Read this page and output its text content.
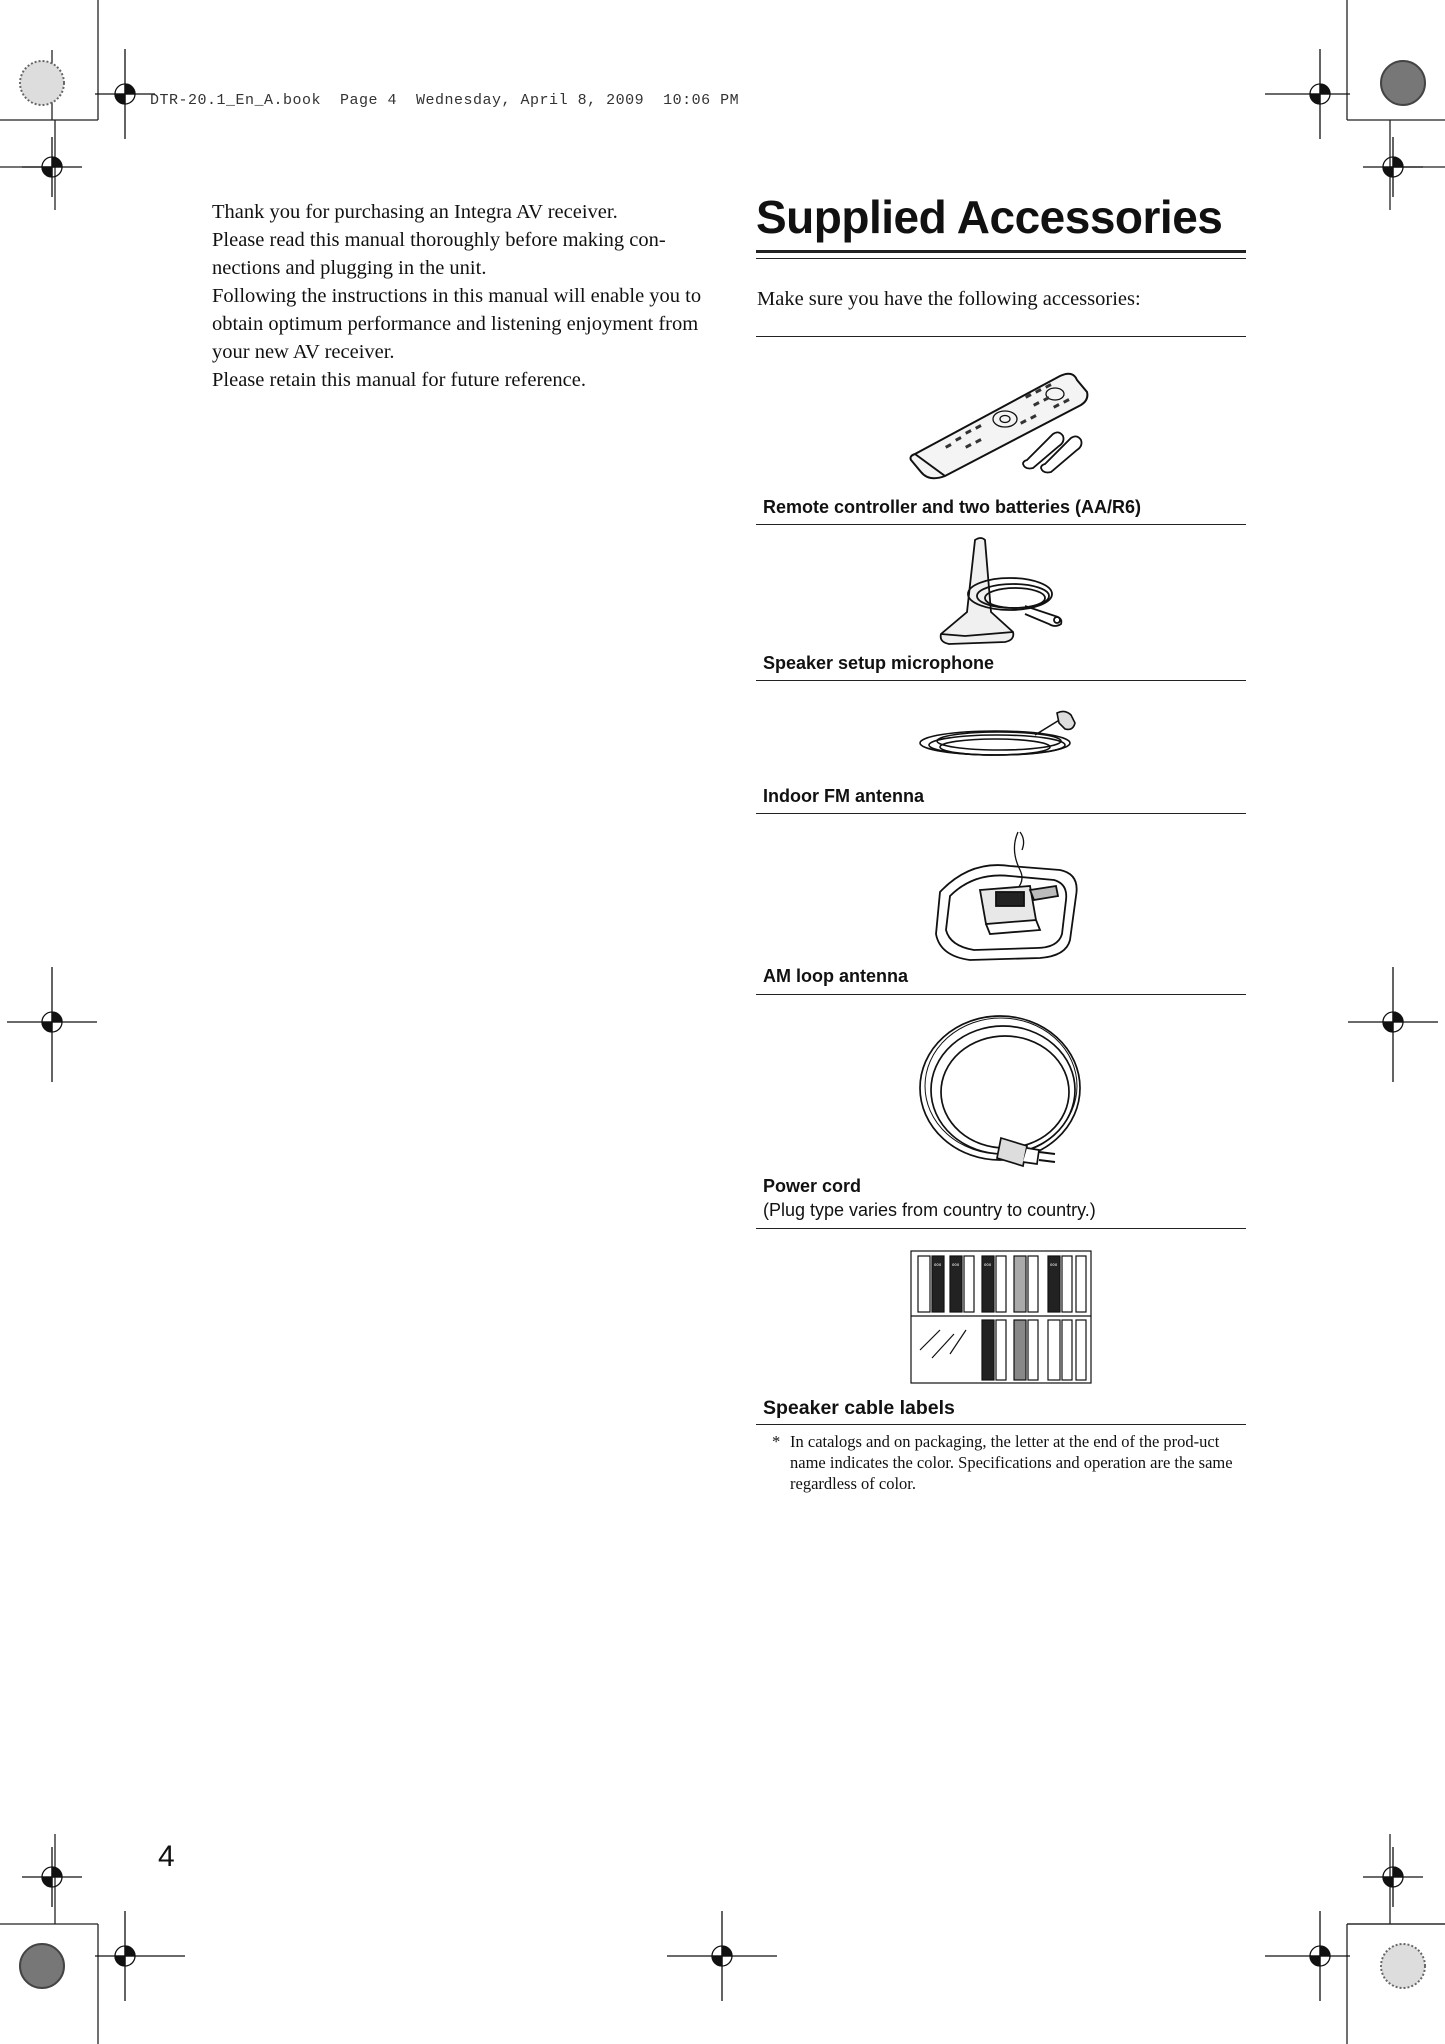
DTR-20.1_En_A.book  Page 4  Wednesday, April 8, 2009  10:06 PM

Thank you for purchasing an Integra AV receiver.

Please read this manual thoroughly before making con-nections and plugging in the unit.

Following the instructions in this manual will enable you to obtain optimum performance and listening enjoyment from your new AV receiver.

Please retain this manual for future reference.

Supplied Accessories
Make sure you have the following accessories:
Remote controller and two batteries (AA/R6)
Speaker setup microphone
Indoor FM antenna
AM loop antenna
Power cord
(Plug type varies from country to country.)
ooo	ooo	ooo	ooo
Speaker cable labels
* In catalogs and on packaging, the letter at the end of the prod-uct name indicates the color. Specifications and operation are the same regardless of color.
4
